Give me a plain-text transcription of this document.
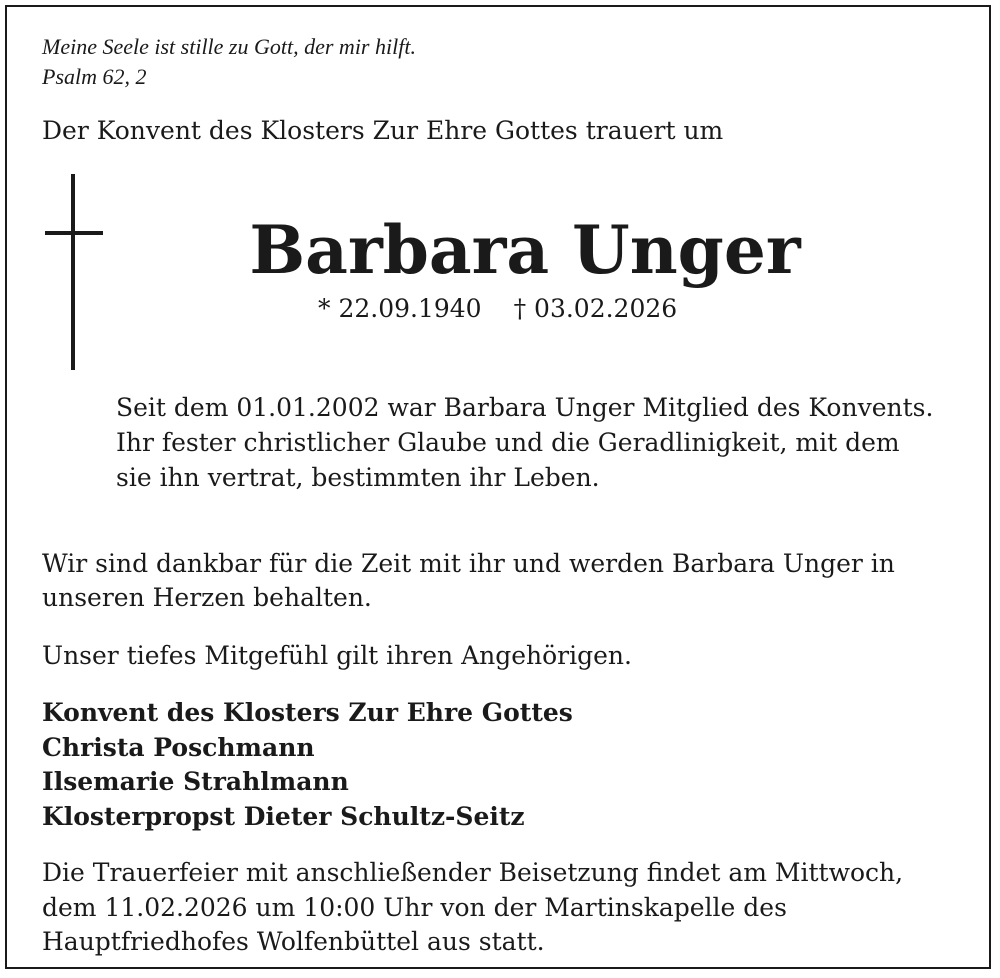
Meine Seele ist stille zu Gott, der mir hilft.
Psalm 62, 2
Der Konvent des Klosters Zur Ehre Gottes trauert um
Barbara Unger
* 22.09.1940 † 03.02.2026
Seit dem 01.01.2002 war Barbara Unger Mitglied des Konvents.
Ihr fester christlicher Glaube und die Geradlinigkeit, mit dem
sie ihn vertrat, bestimmten ihr Leben.
Wir sind dankbar für die Zeit mit ihr und werden Barbara Unger in
unseren Herzen behalten.
Unser tiefes Mitgefühl gilt ihren Angehörigen.
Konvent des Klosters Zur Ehre Gottes
Christa Poschmann
Ilsemarie Strahlmann
Klosterpropst Dieter Schultz-Seitz
Die Trauerfeier mit anschließender Beisetzung findet am Mittwoch,
dem 11.02.2026 um 10:00 Uhr von der Martinskapelle des
Hauptfriedhofes Wolfenbüttel aus statt.
